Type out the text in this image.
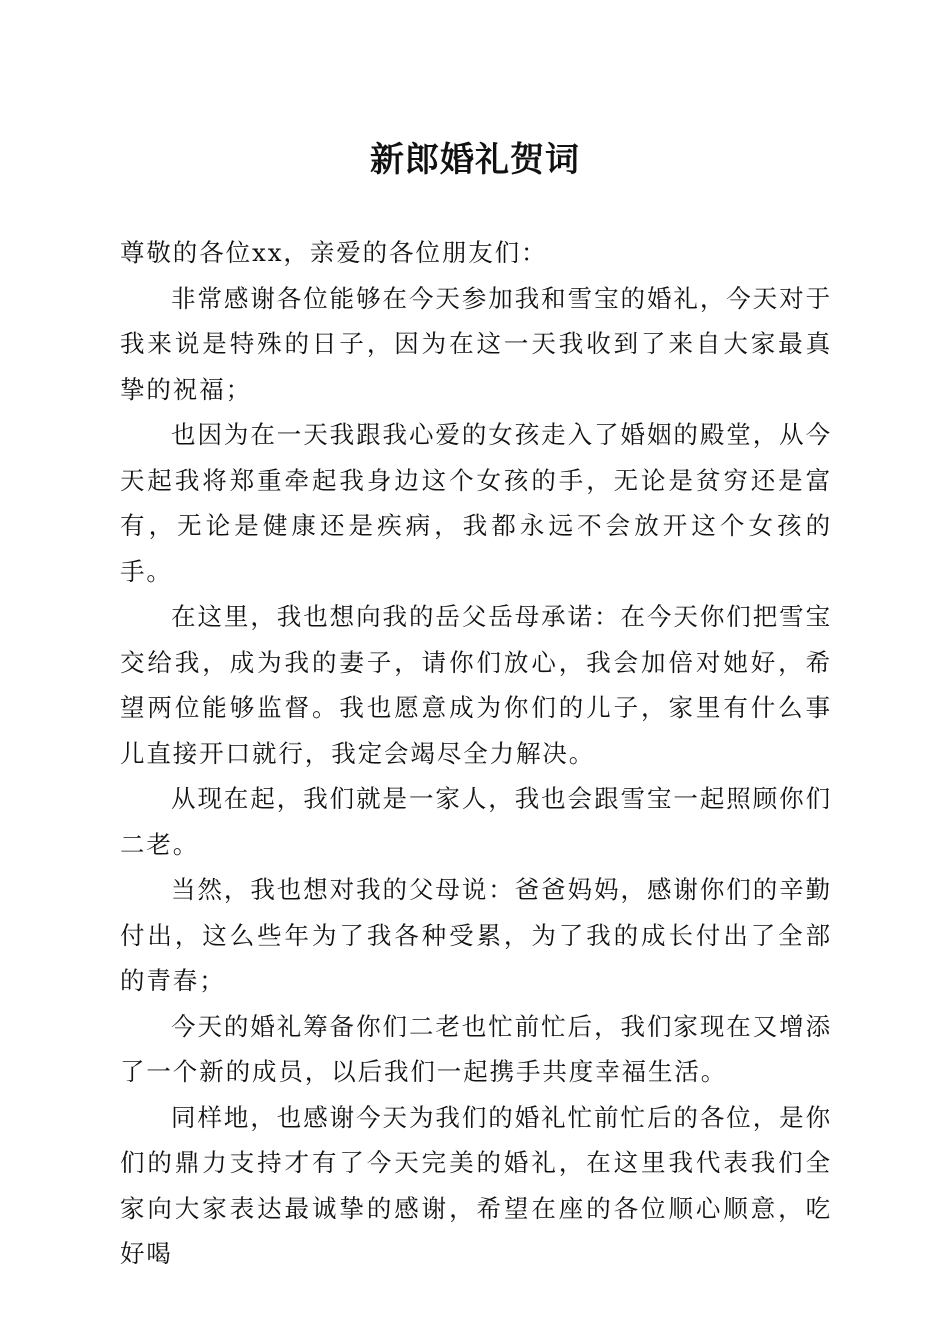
新郎婚礼贺词

尊敬的各位xx，亲爱的各位朋友们：

非常感谢各位能够在今天参加我和雪宝的婚礼，今天对于我来说是特殊的日子，因为在这一天我收到了来自大家最真挚的祝福；

也因为在一天我跟我心爱的女孩走入了婚姻的殿堂，从今天起我将郑重牵起我身边这个女孩的手，无论是贫穷还是富有，无论是健康还是疾病，我都永远不会放开这个女孩的手。

在这里，我也想向我的岳父岳母承诺：在今天你们把雪宝交给我，成为我的妻子，请你们放心，我会加倍对她好，希望两位能够监督。我也愿意成为你们的儿子，家里有什么事儿直接开口就行，我定会竭尽全力解决。

从现在起，我们就是一家人，我也会跟雪宝一起照顾你们二老。

当然，我也想对我的父母说：爸爸妈妈，感谢你们的辛勤付出，这么些年为了我各种受累，为了我的成长付出了全部的青春；

今天的婚礼筹备你们二老也忙前忙后，我们家现在又增添了一个新的成员，以后我们一起携手共度幸福生活。

同样地，也感谢今天为我们的婚礼忙前忙后的各位，是你们的鼎力支持才有了今天完美的婚礼，在这里我代表我们全家向大家表达最诚挚的感谢，希望在座的各位顺心顺意，吃好喝
